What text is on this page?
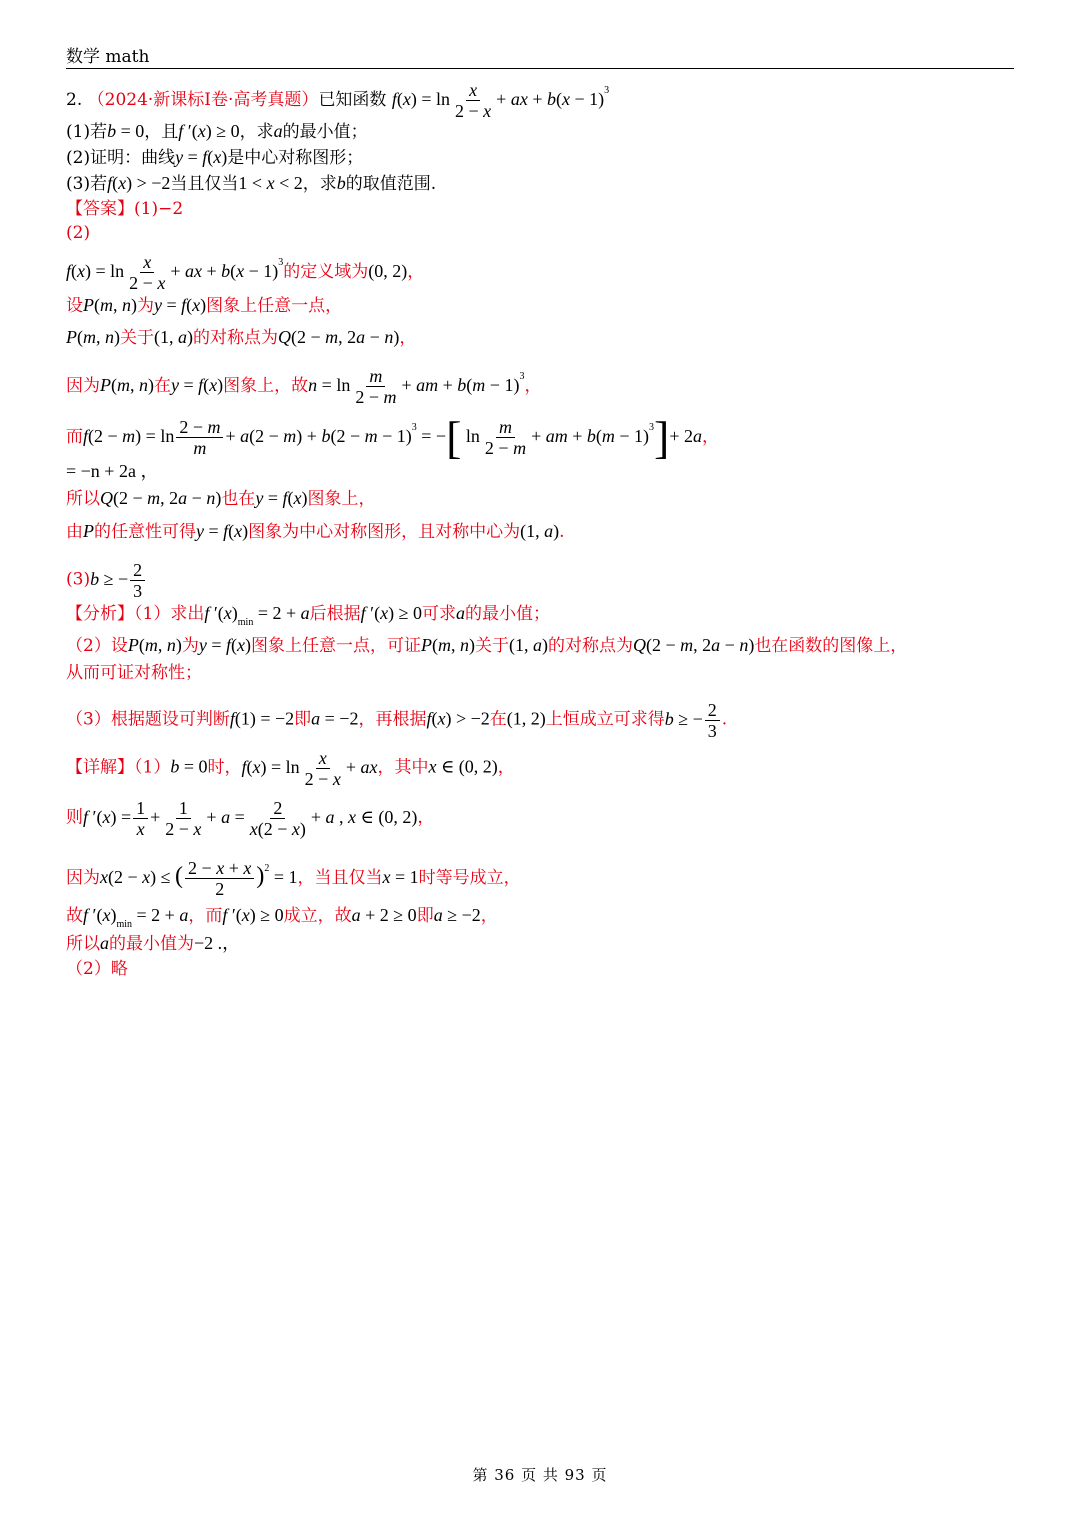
数学 math
2. （2024·新课标Ⅰ卷·高考真题）已知函数 $f(x) = \ln \frac{x}{2 - x}$ + ax + $b(x - 1)^3$
(1)若b = 0，且f ′(x) ≥ 0，求a的最小值；
(2)证明：曲线y = f(x)是中心对称图形；
(3)若f(x) > −2当且仅当1 < x < 2，求b的取值范围.
【答案】(1)−2
(2)
$f(x) = \ln \frac{x}{2 - x}$ + ax + $b(x - 1)^3$的定义域为(0, 2)，
设P(m, n)为y = f(x)图象上任意一点，
P(m, n)关于(1, a)的对称点为Q(2 − m, 2a − n)，
因为P(m, n)在y = f(x)图象上，故$n = \ln \frac{m}{2 - m}$ + am + $b(m - 1)^3$，
而$f(2 - m) = \ln \frac{2 - m}{m} + a(2 - m) + b(2 - m - 1)^3$ = −[ $\ln \frac{m}{2 - m}$ + am + $b(m - 1)^3]+ 2a$，
= −n + 2a ，
所以Q(2 − m, 2a − n)也在y = f(x)图象上，
由P的任意性可得y = f(x)图象为中心对称图形，且对称中心为(1, a).
(3)b ≥ − $\frac{2}{3}$
【分析】（1）求出f $'(x)_{min} = 2 + a$后根据f ′(x) ≥ 0可求a的最小值；
（2）设P(m, n)为y = f(x)图象上任意一点，可证P(m, n)关于(1, a)的对称点为Q(2 − m, 2a − n)也在函数的图像上，
从而可证对称性；
（3）根据题设可判断f(1) = −2即a = −2，再根据f(x) > −2在(1, 2)上恒成立可求得b ≥ − $\frac{2}{3}$ .
【详解】（1）b = 0时，$f(x) = \ln \frac{x}{2 - x}$ + ax，其中x ∈ (0, 2)，
则f $'(x) = \frac{1}{x} + \frac{1}{2 - x} + a = \frac{2}{x(2 - x)} + a$ , x ∈ (0, 2)，
因为x(2 − x) ≤ ( $\frac{2 - x + x}{2} )^2 = 1$，当且仅当x = 1时等号成立，
故f $'(x)_{min} = 2 + a$，而f ′(x) ≥ 0成立，故a + 2 ≥ 0即a ≥ −2，
所以a的最小值为−2 .，
（2）略
第 36 页 共 93 页
